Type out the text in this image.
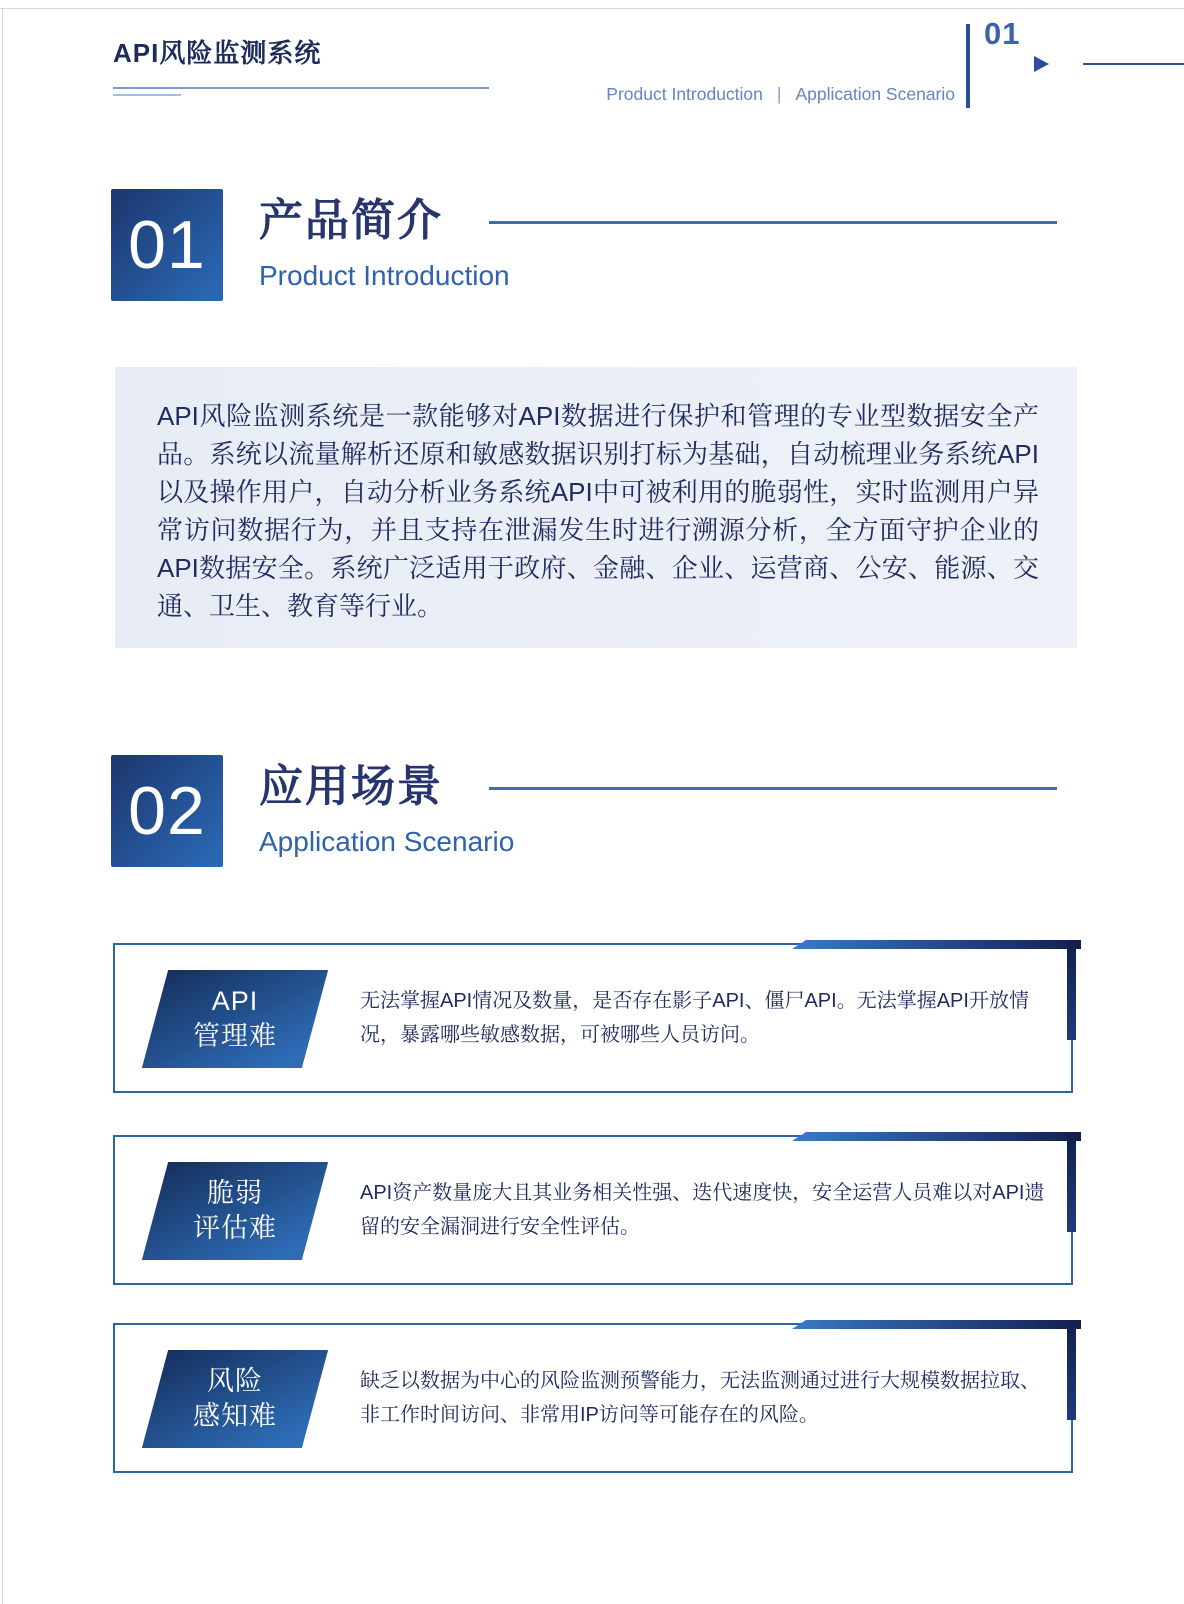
API风险监测系统
Product Introduction | Application Scenario
01
01 产品简介
Product Introduction

API风险监测系统是一款能够对API数据进行保护和管理的专业型数据安全产品。系统以流量解析还原和敏感数据识别打标为基础，自动梳理业务系统API以及操作用户，自动分析业务系统API中可被利用的脆弱性，实时监测用户异常访问数据行为，并且支持在泄漏发生时进行溯源分析，全方面守护企业的API数据安全。系统广泛适用于政府、金融、企业、运营商、公安、能源、交通、卫生、教育等行业。

02 应用场景
Application Scenario
API
管理难

无法掌握API情况及数量，是否存在影子API、僵尸API。无法掌握API开放情况，暴露哪些敏感数据，可被哪些人员访问。

脆弱
评估难

API资产数量庞大且其业务相关性强、迭代速度快，安全运营人员难以对API遗留的安全漏洞进行安全性评估。

风险
感知难

缺乏以数据为中心的风险监测预警能力，无法监测通过进行大规模数据拉取、非工作时间访问、非常用IP访问等可能存在的风险。
